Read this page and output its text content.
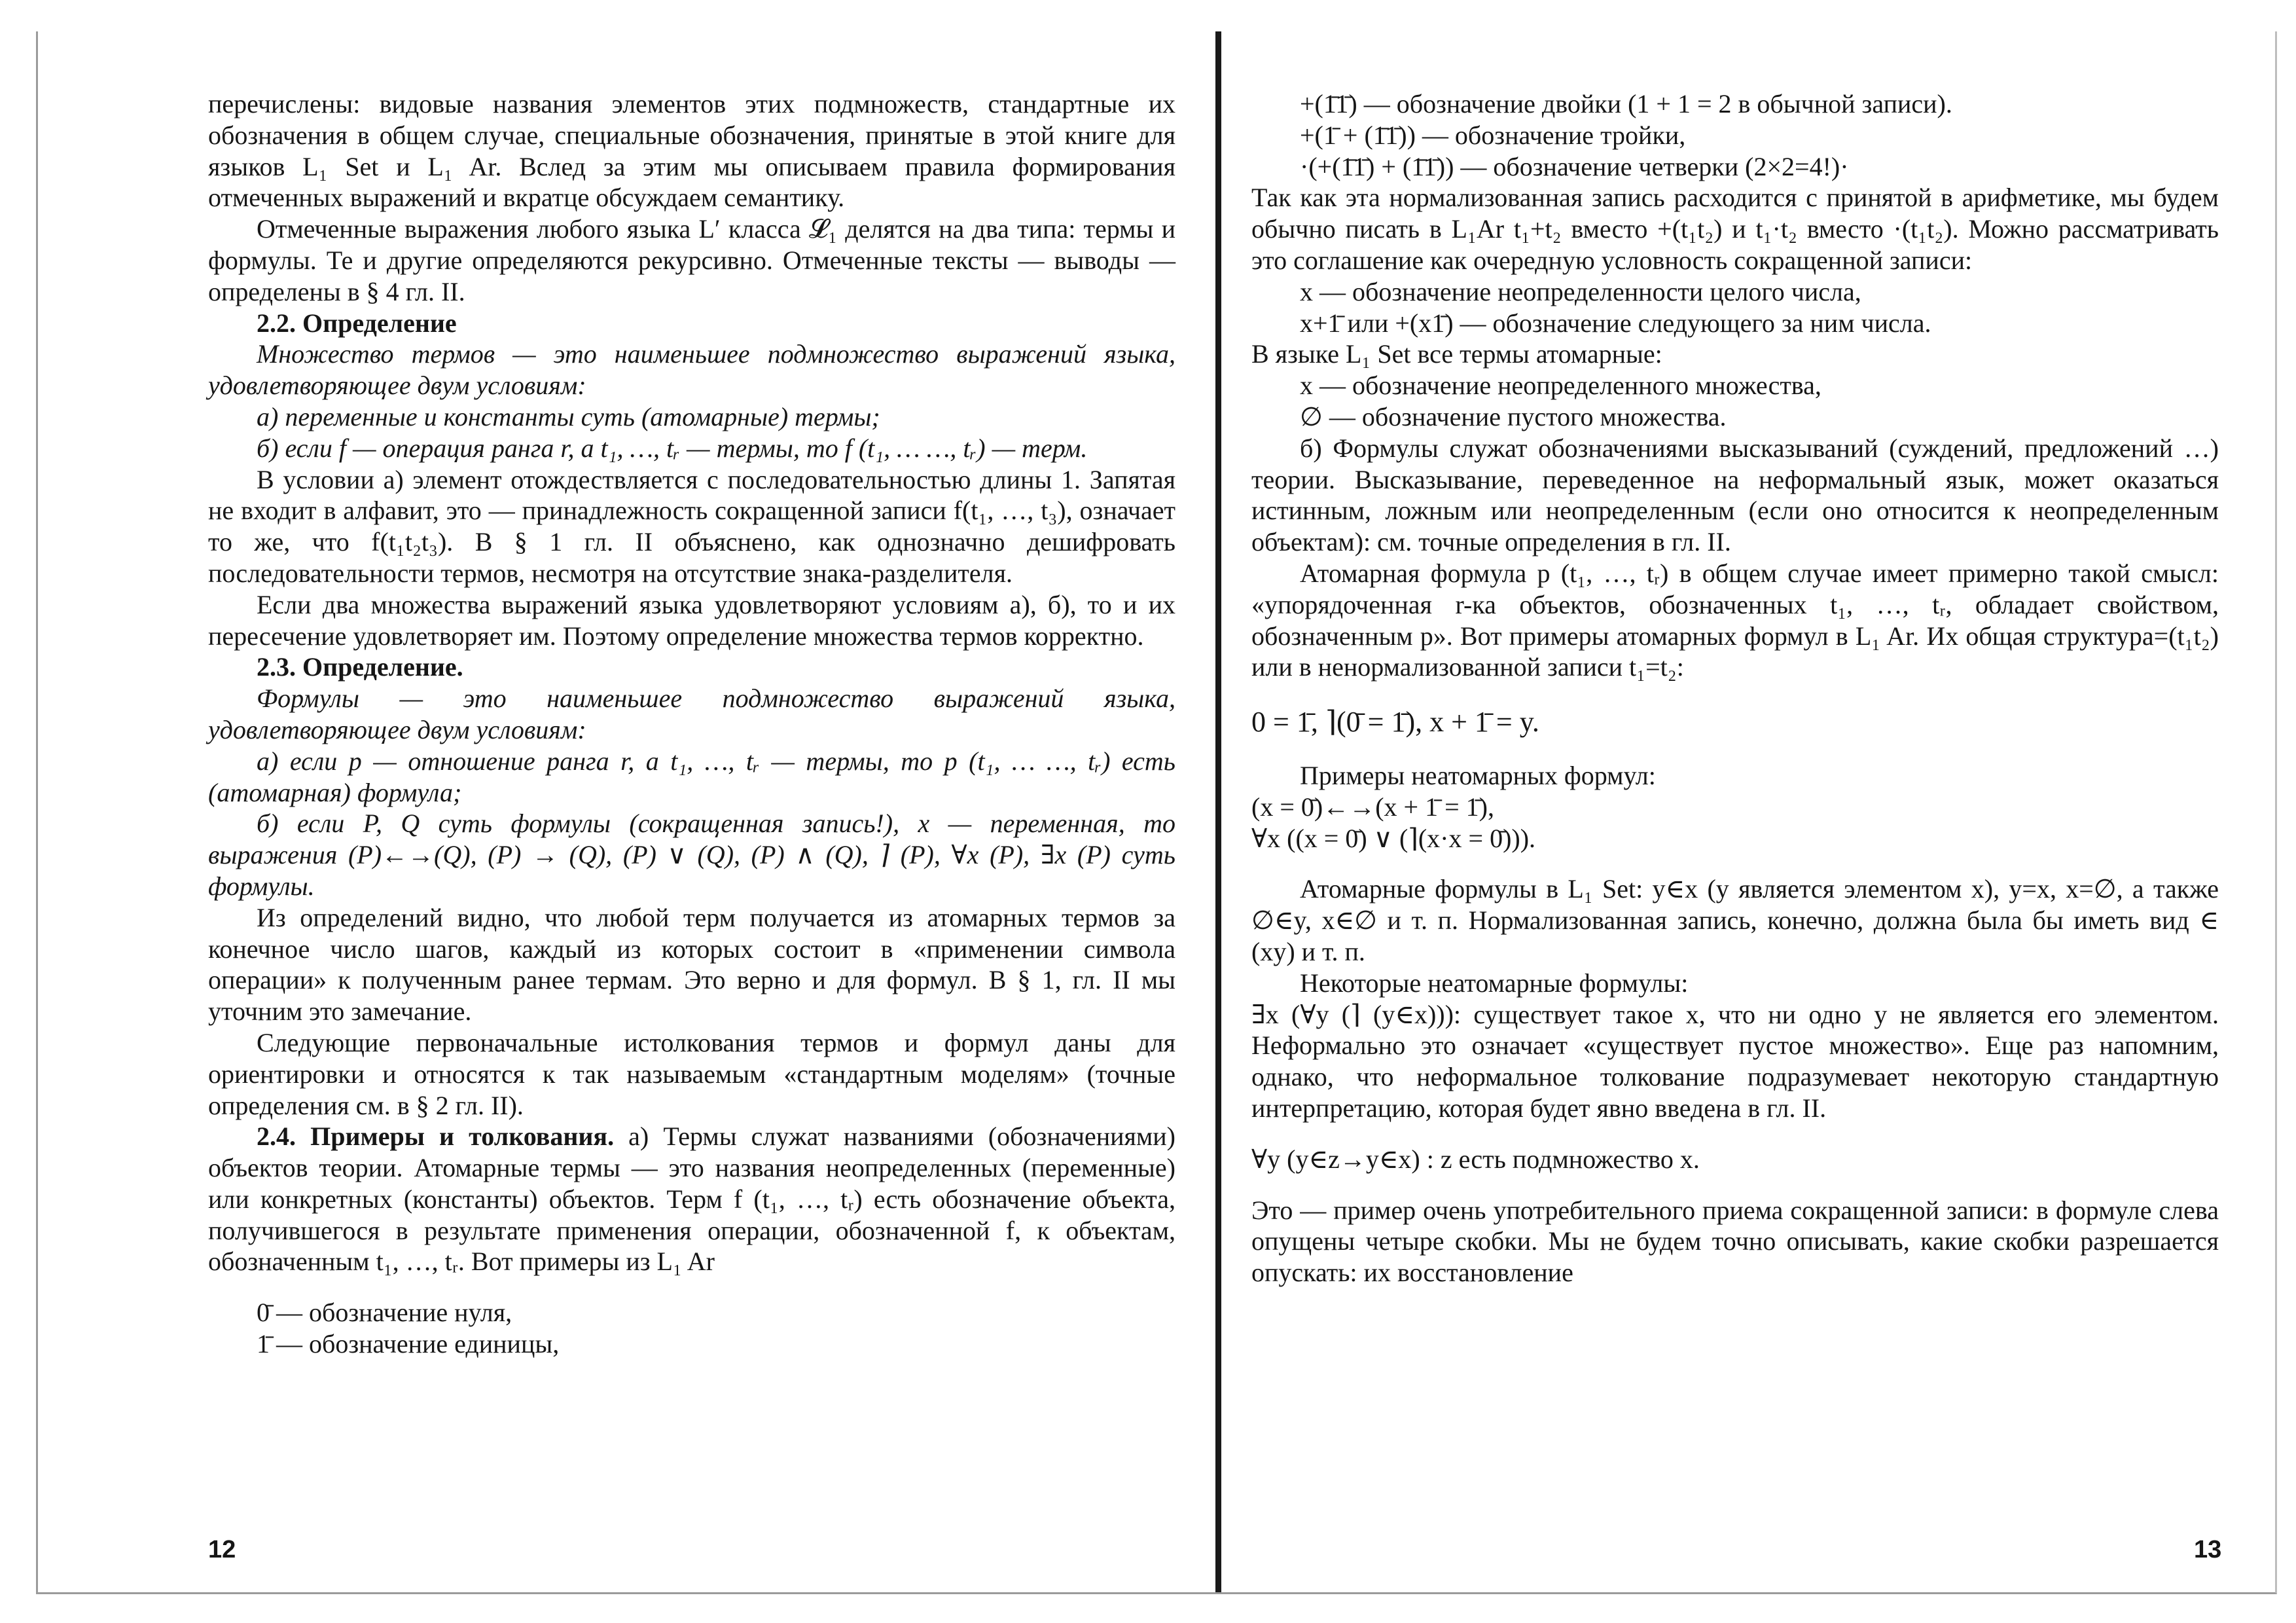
перечислены: видовые названия элементов этих подмножеств, стандартные их обозначения в общем случае, специальные обозначения, принятые в этой книге для языков L₁ Set и L₁ Ar. Вслед за этим мы описываем правила формирования отмеченных выражений и вкратце обсуждаем семантику.

Отмеченные выражения любого языка L′ класса 𝓛₁ делятся на два типа: термы и формулы. Те и другие определяются рекурсивно. Отмеченные тексты — выводы — определены в § 4 гл. II.

2.2. Определение

Множество термов — это наименьшее подмножество выражений языка, удовлетворяющее двум условиям:

а) переменные и константы суть (атомарные) термы;

б) если f — операция ранга r, а t₁, …, tᵣ — термы, то f (t₁, … …, tᵣ) — терм.

В условии а) элемент отождествляется с последовательностью длины 1. Запятая не входит в алфавит, это — принадлежность сокращенной записи f(t₁, …, t₃), означает то же, что f(t₁t₂t₃). В § 1 гл. II объяснено, как однозначно дешифровать последовательности термов, несмотря на отсутствие знака-разделителя.

Если два множества выражений языка удовлетворяют условиям а), б), то и их пересечение удовлетворяет им. Поэтому определение множества термов корректно.

2.3. Определение.

Формулы — это наименьшее подмножество выражений языка, удовлетворяющее двум условиям:

а) если p — отношение ранга r, а t₁, …, tᵣ — термы, то p (t₁, … …, tᵣ) есть (атомарная) формула;

б) если P, Q суть формулы (сокращенная запись!), x — переменная, то выражения (P)←→(Q), (P) → (Q), (P) ∨ (Q), (P) ∧ (Q), ⌉ (P), ∀x (P), ∃x (P) суть формулы.

Из определений видно, что любой терм получается из атомарных термов за конечное число шагов, каждый из которых состоит в «применении символа операции» к полученным ранее термам. Это верно и для формул. В § 1, гл. II мы уточним это замечание.

Следующие первоначальные истолкования термов и формул даны для ориентировки и относятся к так называемым «стандартным моделям» (точные определения см. в § 2 гл. II).

2.4. Примеры и толкования. а) Термы служат названиями (обозначениями) объектов теории. Атомарные термы — это названия неопределенных (переменные) или конкретных (константы) объектов. Терм f (t₁, …, tᵣ) есть обозначение объекта, получившегося в результате применения операции, обозначенной f, к объектам, обозначенным t₁, …, tᵣ. Вот примеры из L₁ Ar

0̄ — обозначение нуля,

1̄ — обозначение единицы,

12

+(1̄1̄) — обозначение двойки (1 + 1 = 2 в обычной записи).

+(1̄ + (1̄1̄)) — обозначение тройки,

·(+(1̄1̄) + (1̄1̄)) — обозначение четверки (2×2=4!)·

Так как эта нормализованная запись расходится с принятой в арифметике, мы будем обычно писать в L₁Ar t₁+t₂ вместо +(t₁t₂) и t₁·t₂ вместо ·(t₁t₂). Можно рассматривать это соглашение как очередную условность сокращенной записи:

x — обозначение неопределенности целого числа,

x+1̄ или +(x1̄) — обозначение следующего за ним числа.

В языке L₁ Set все термы атомарные:

x — обозначение неопределенного множества,

∅ — обозначение пустого множества.

б) Формулы служат обозначениями высказываний (суждений, предложений …) теории. Высказывание, переведенное на неформальный язык, может оказаться истинным, ложным или неопределенным (если оно относится к неопределенным объектам): см. точные определения в гл. II.

Атомарная формула p (t₁, …, tᵣ) в общем случае имеет примерно такой смысл: «упорядоченная r-ка объектов, обозначенных t₁, …, tᵣ, обладает свойством, обозначенным p». Вот примеры атомарных формул в L₁ Ar. Их общая структура=(t₁t₂) или в ненормализованной записи t₁=t₂:

0 = 1̄, ⌉(0̄ = 1̄), x + 1̄ = y.

Примеры неатомарных формул:

(x = 0̄)←→(x + 1̄ = 1̄),

∀x ((x = 0̄) ∨ (⌉(x·x = 0̄))).

Атомарные формулы в L₁ Set: y∈x (y является элементом x), y=x, x=∅, а также ∅∈y, x∈∅ и т. п. Нормализованная запись, конечно, должна была бы иметь вид ∈ (xy) и т. п.

Некоторые неатомарные формулы:

∃x (∀y (⌉ (y∈x))): существует такое x, что ни одно y не является его элементом. Неформально это означает «существует пустое множество». Еще раз напомним, однако, что неформальное толкование подразумевает некоторую стандартную интерпретацию, которая будет явно введена в гл. II.

∀y (y∈z→y∈x) : z есть подмножество x.

Это — пример очень употребительного приема сокращенной записи: в формуле слева опущены четыре скобки. Мы не будем точно описывать, какие скобки разрешается опускать: их восстановление

13
